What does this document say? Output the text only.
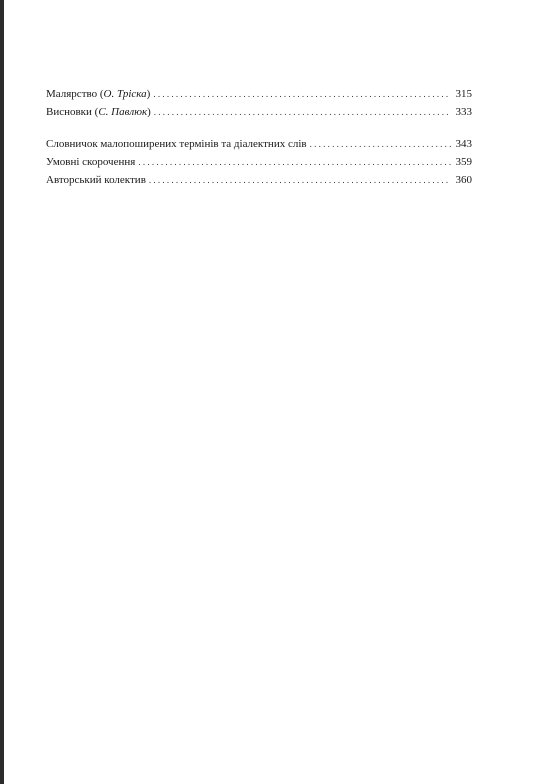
Малярство (О. Тріска) . . .	315
Висновки (С. Павлюк) . . .	333
Словничок малопоширених термінів та діалектних слів . . .	343
Умовні скорочення . . .	359
Авторський колектив . . .	360
